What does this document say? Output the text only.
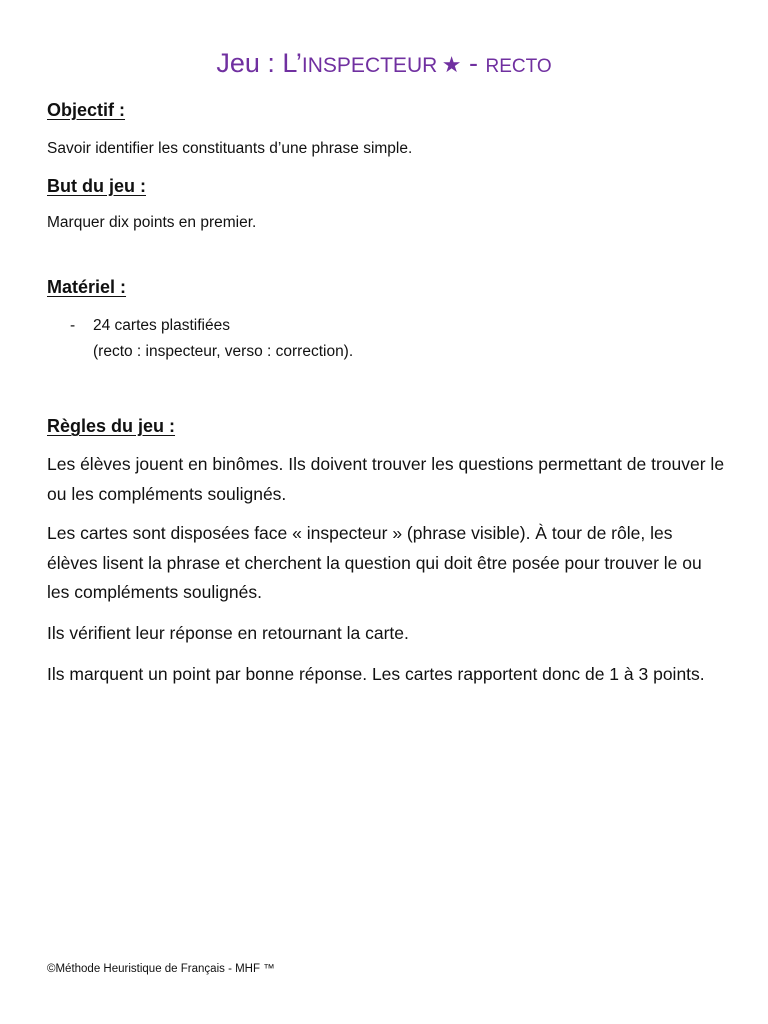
Jeu : L’INSPECTEUR ★ - RECTO
Objectif :
Savoir identifier les constituants d’une phrase simple.
But du jeu :
Marquer dix points en premier.
Matériel :
- 24 cartes plastifiées
(recto : inspecteur, verso : correction).
Règles du jeu :
Les élèves jouent en binômes. Ils doivent trouver les questions permettant de trouver le ou les compléments soulignés.
Les cartes sont disposées face « inspecteur » (phrase visible). À tour de rôle, les élèves lisent la phrase et cherchent la question qui doit être posée pour trouver le ou les compléments soulignés.
Ils vérifient leur réponse en retournant la carte.
Ils marquent un point par bonne réponse. Les cartes rapportent donc de 1 à 3 points.
©Méthode Heuristique de Français - MHF ™
